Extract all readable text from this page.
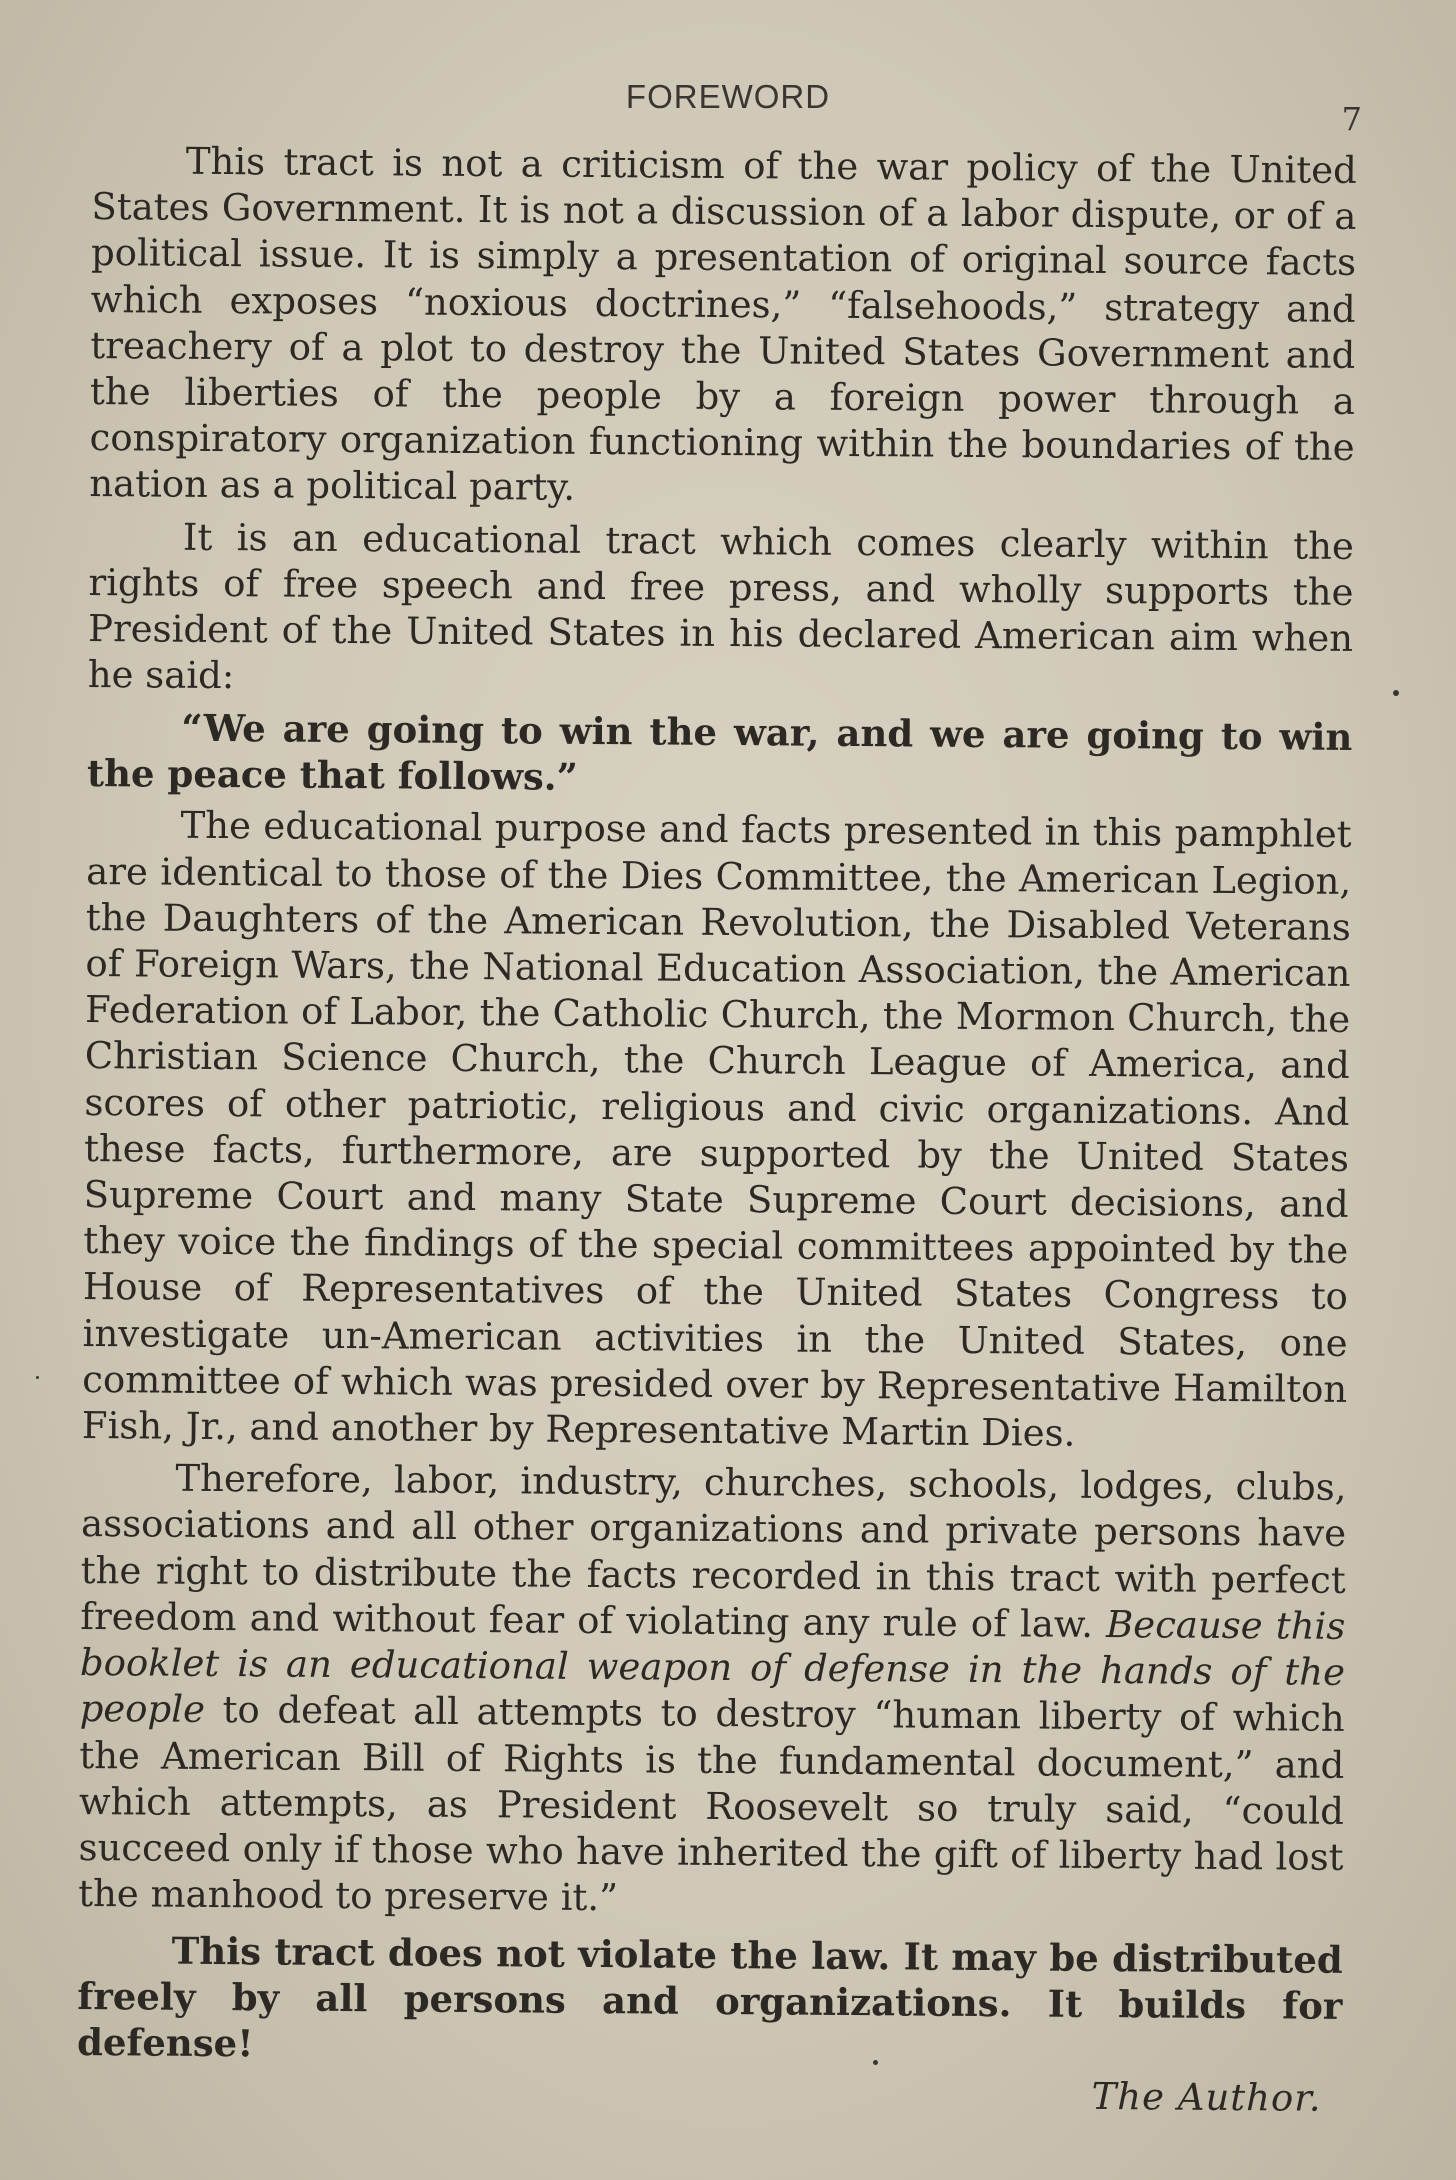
FOREWORD
7

This tract is not a criticism of the war policy of the United States Government. It is not a discussion of a labor dispute, or of a political issue. It is simply a presentation of original source facts which exposes “noxious doctrines,” “falsehoods,” strategy and treachery of a plot to destroy the United States Government and the liberties of the people by a foreign power through a conspiratory organization functioning within the boundaries of the nation as a political party.

It is an educational tract which comes clearly within the rights of free speech and free press, and wholly supports the President of the United States in his declared American aim when he said:

“We are going to win the war, and we are going to win the peace that follows.”

The educational purpose and facts presented in this pamphlet are identical to those of the Dies Committee, the American Legion, the Daughters of the American Revolution, the Disabled Veterans of Foreign Wars, the National Education Association, the American Federation of Labor, the Catholic Church, the Mormon Church, the Christian Science Church, the Church League of America, and scores of other patriotic, religious and civic organizations. And these facts, furthermore, are supported by the United States Supreme Court and many State Supreme Court decisions, and they voice the findings of the special committees appointed by the House of Representatives of the United States Congress to investigate un-American activities in the United States, one committee of which was presided over by Representative Hamilton Fish, Jr., and another by Representative Martin Dies.

Therefore, labor, industry, churches, schools, lodges, clubs, associations and all other organizations and private persons have the right to distribute the facts recorded in this tract with perfect freedom and without fear of violating any rule of law. Because this booklet is an educational weapon of defense in the hands of the people to defeat all attempts to destroy “human liberty of which the American Bill of Rights is the fundamental document,” and which attempts, as President Roosevelt so truly said, “could succeed only if those who have inherited the gift of liberty had lost the manhood to preserve it.”

This tract does not violate the law. It may be distributed freely by all persons and organizations. It builds for defense!

The Author.
